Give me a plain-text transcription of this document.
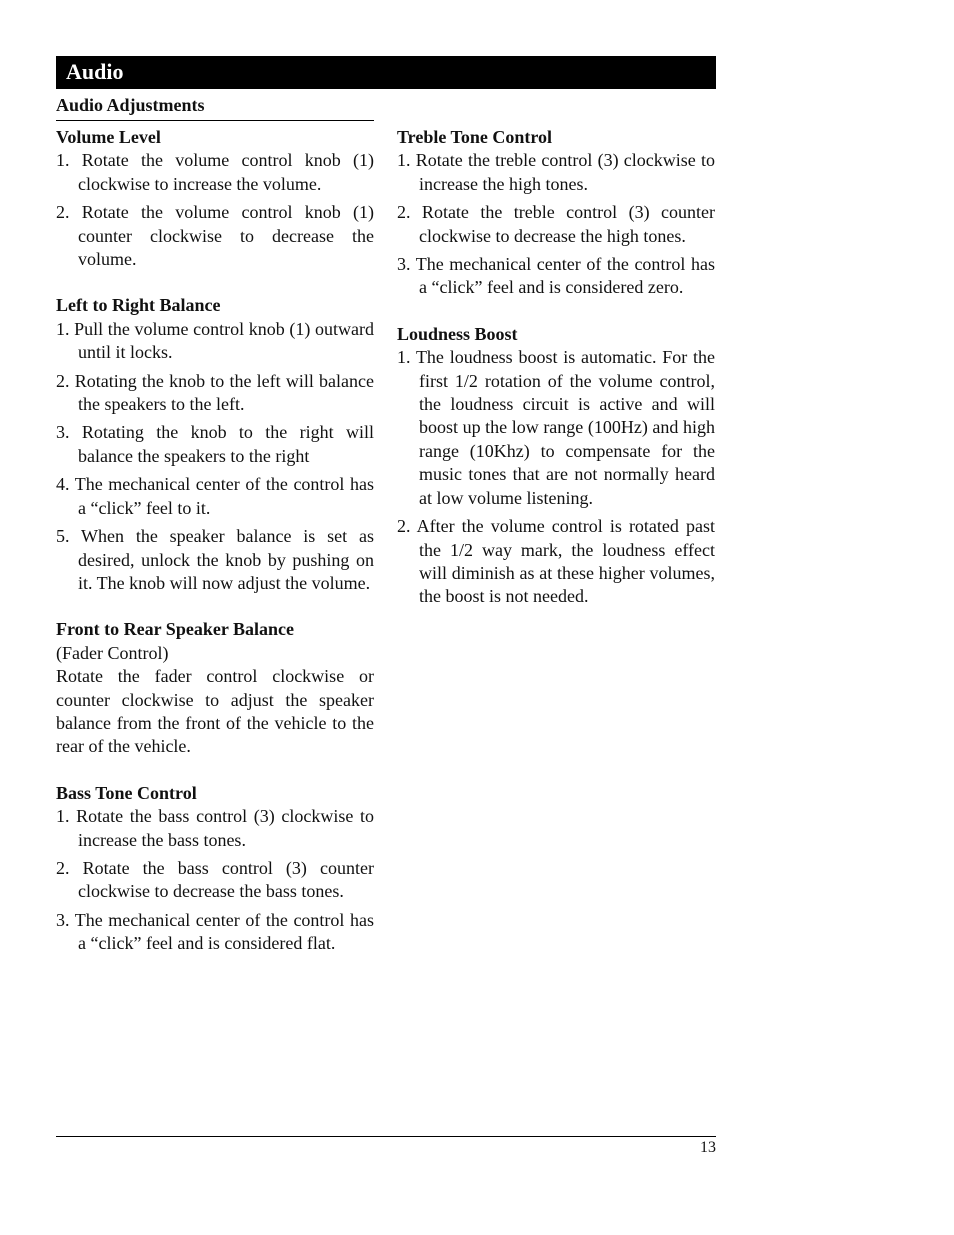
Audio
Audio Adjustments
Volume Level
1. Rotate the volume control knob (1) clockwise to increase the volume.
2. Rotate the volume control knob (1) counter clockwise to decrease the volume.
Left to Right Balance
1. Pull the volume control knob (1) outward until it locks.
2. Rotating the knob to the left will balance the speakers to the left.
3. Rotating the knob to the right will balance the speakers to the right
4. The mechanical center of the control has a “click” feel to it.
5. When the speaker balance is set as desired, unlock the knob by pushing on it. The knob will now adjust the volume.
Front to Rear Speaker Balance

(Fader Control)

Rotate the fader control clockwise or counter clockwise to adjust the speaker balance from the front of the vehicle to the rear of the vehicle.

Bass Tone Control
1. Rotate the bass control (3) clockwise to increase the bass tones.
2. Rotate the bass control (3) counter clockwise to decrease the bass tones.
3. The mechanical center of the control has a “click” feel and is considered flat.
Treble Tone Control
1. Rotate the treble control (3) clockwise to increase the high tones.
2. Rotate the treble control (3) counter clockwise to decrease the high tones.
3. The mechanical center of the control has a “click” feel and is considered zero.
Loudness Boost
1. The loudness boost is automatic. For the first 1/2 rotation of the volume control, the loudness circuit is active and will boost up the low range (100Hz) and high range (10Khz) to compensate for the music tones that are not normally heard at low volume listening.
2. After the volume control is rotated past the 1/2 way mark, the loudness effect will diminish as at these higher volumes, the boost is not needed.
13
